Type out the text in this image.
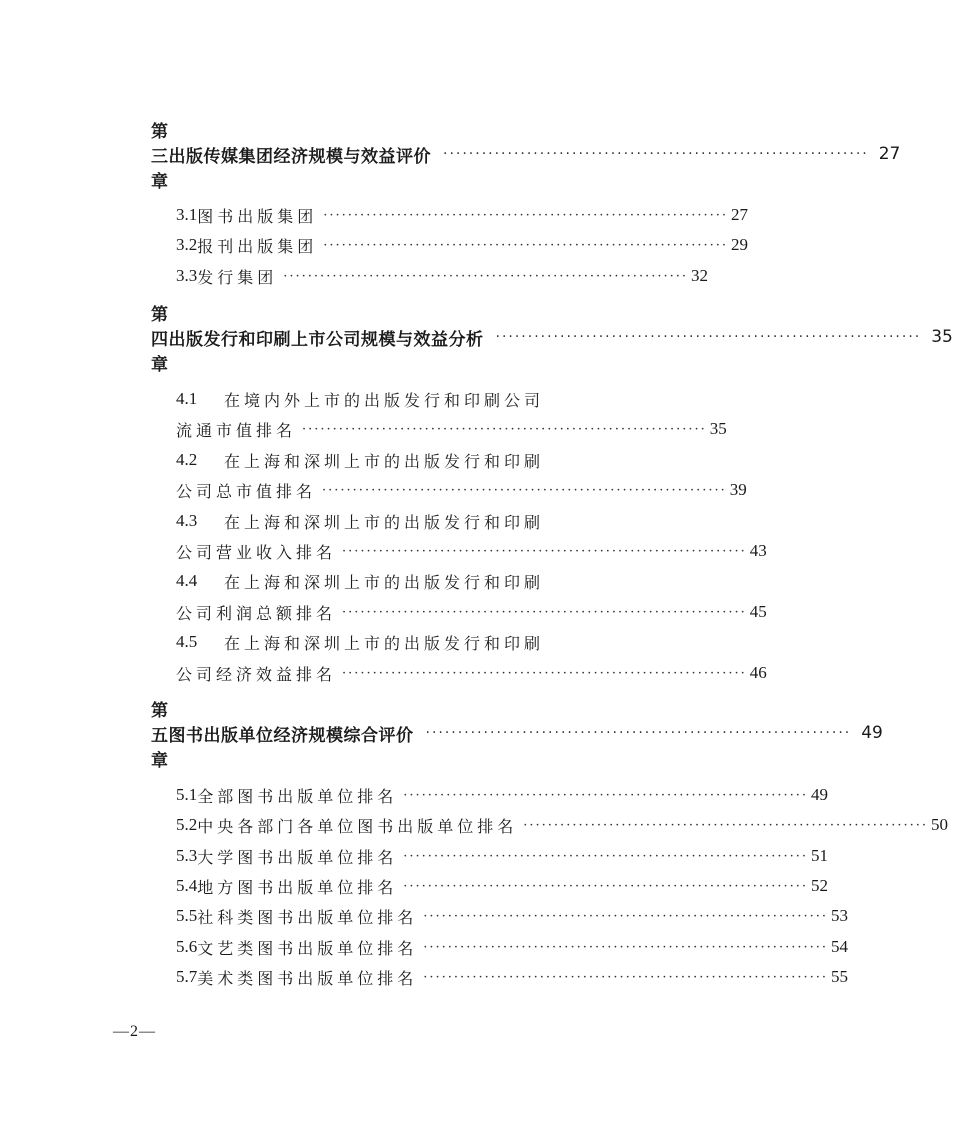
第三章
出版传媒集团经济规模与效益评价 ·································································· 27
3.1 图书出版集团 ·································································· 27
3.2 报刊出版集团 ·································································· 29
3.3 发行集团 ·································································· 32
第四章
出版发行和印刷上市公司规模与效益分析 ·································································· 35
4.1	在境内外上市的出版发行和印刷公司
流通市值排名 ·································································· 35
4.2	在上海和深圳上市的出版发行和印刷
公司总市值排名 ·································································· 39
4.3	在上海和深圳上市的出版发行和印刷
公司营业收入排名 ·································································· 43
4.4	在上海和深圳上市的出版发行和印刷
公司利润总额排名 ·································································· 45
4.5	在上海和深圳上市的出版发行和印刷
公司经济效益排名 ·································································· 46
第五章
图书出版单位经济规模综合评价 ·································································· 49
5.1 全部图书出版单位排名 ·································································· 49
5.2 中央各部门各单位图书出版单位排名 ·································································· 50
5.3 大学图书出版单位排名 ·································································· 51
5.4 地方图书出版单位排名 ·································································· 52
5.5 社科类图书出版单位排名 ·································································· 53
5.6 文艺类图书出版单位排名 ·································································· 54
5.7 美术类图书出版单位排名 ·································································· 55
—2—
